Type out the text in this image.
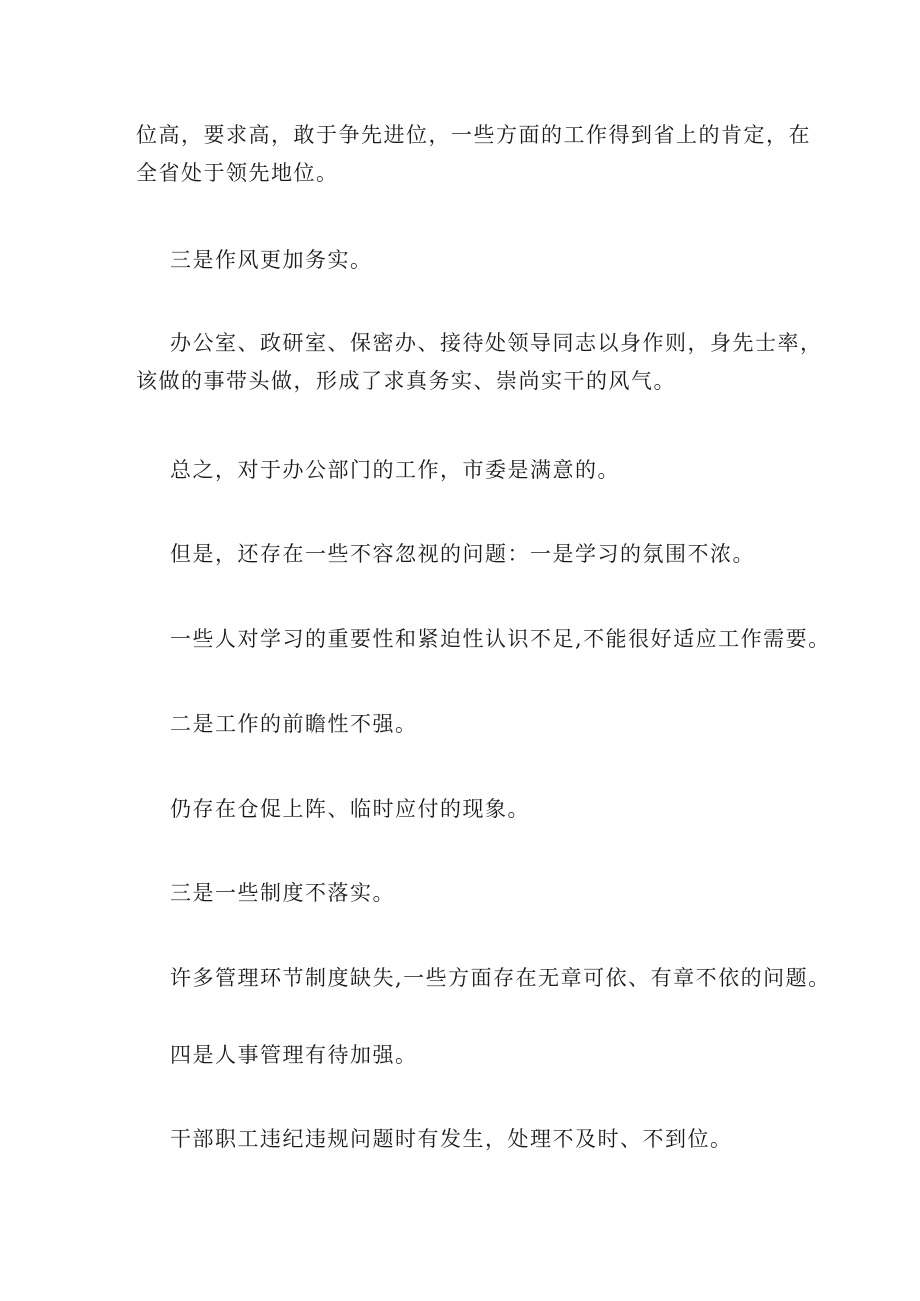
位高，要求高，敢于争先进位，一些方面的工作得到省上的肯定，在
全省处于领先地位。

三是作风更加务实。

办公室、政研室、保密办、接待处领导同志以身作则，身先士率，
该做的事带头做，形成了求真务实、崇尚实干的风气。

总之，对于办公部门的工作，市委是满意的。

但是，还存在一些不容忽视的问题：一是学习的氛围不浓。

一些人对学习的重要性和紧迫性认识不足,不能很好适应工作需要。

二是工作的前瞻性不强。

仍存在仓促上阵、临时应付的现象。

三是一些制度不落实。

许多管理环节制度缺失,一些方面存在无章可依、有章不依的问题。

四是人事管理有待加强。

干部职工违纪违规问题时有发生，处理不及时、不到位。
